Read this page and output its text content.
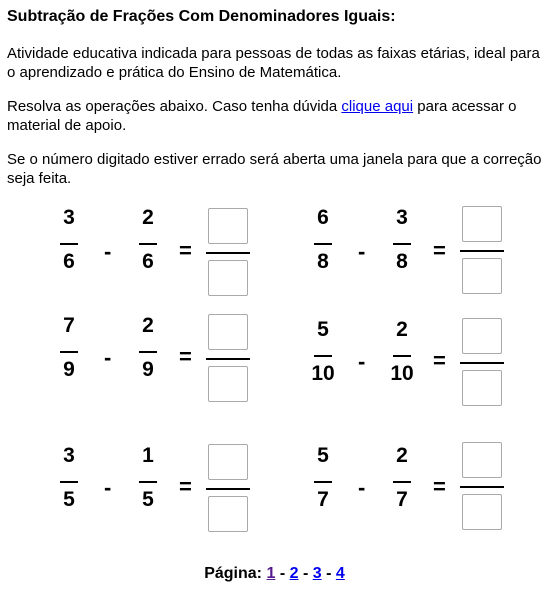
Subtração de Frações Com Denominadores Iguais:
Atividade educativa indicada para pessoas de todas as faixas etárias, ideal para o aprendizado e prática do Ensino de Matemática.
Resolva as operações abaixo. Caso tenha dúvida clique aqui para acessar o material de apoio.
Se o número digitado estiver errado será aberta uma janela para que a correção seja feita.
3
6	-
2
6	=
6
8	-
3
8	=
7
9	-
2
9
=
5
10 -
2
10
=
3
5	-
1
5
=
5
7	-
2
7
=
Página: 1 - 2 - 3 - 4
